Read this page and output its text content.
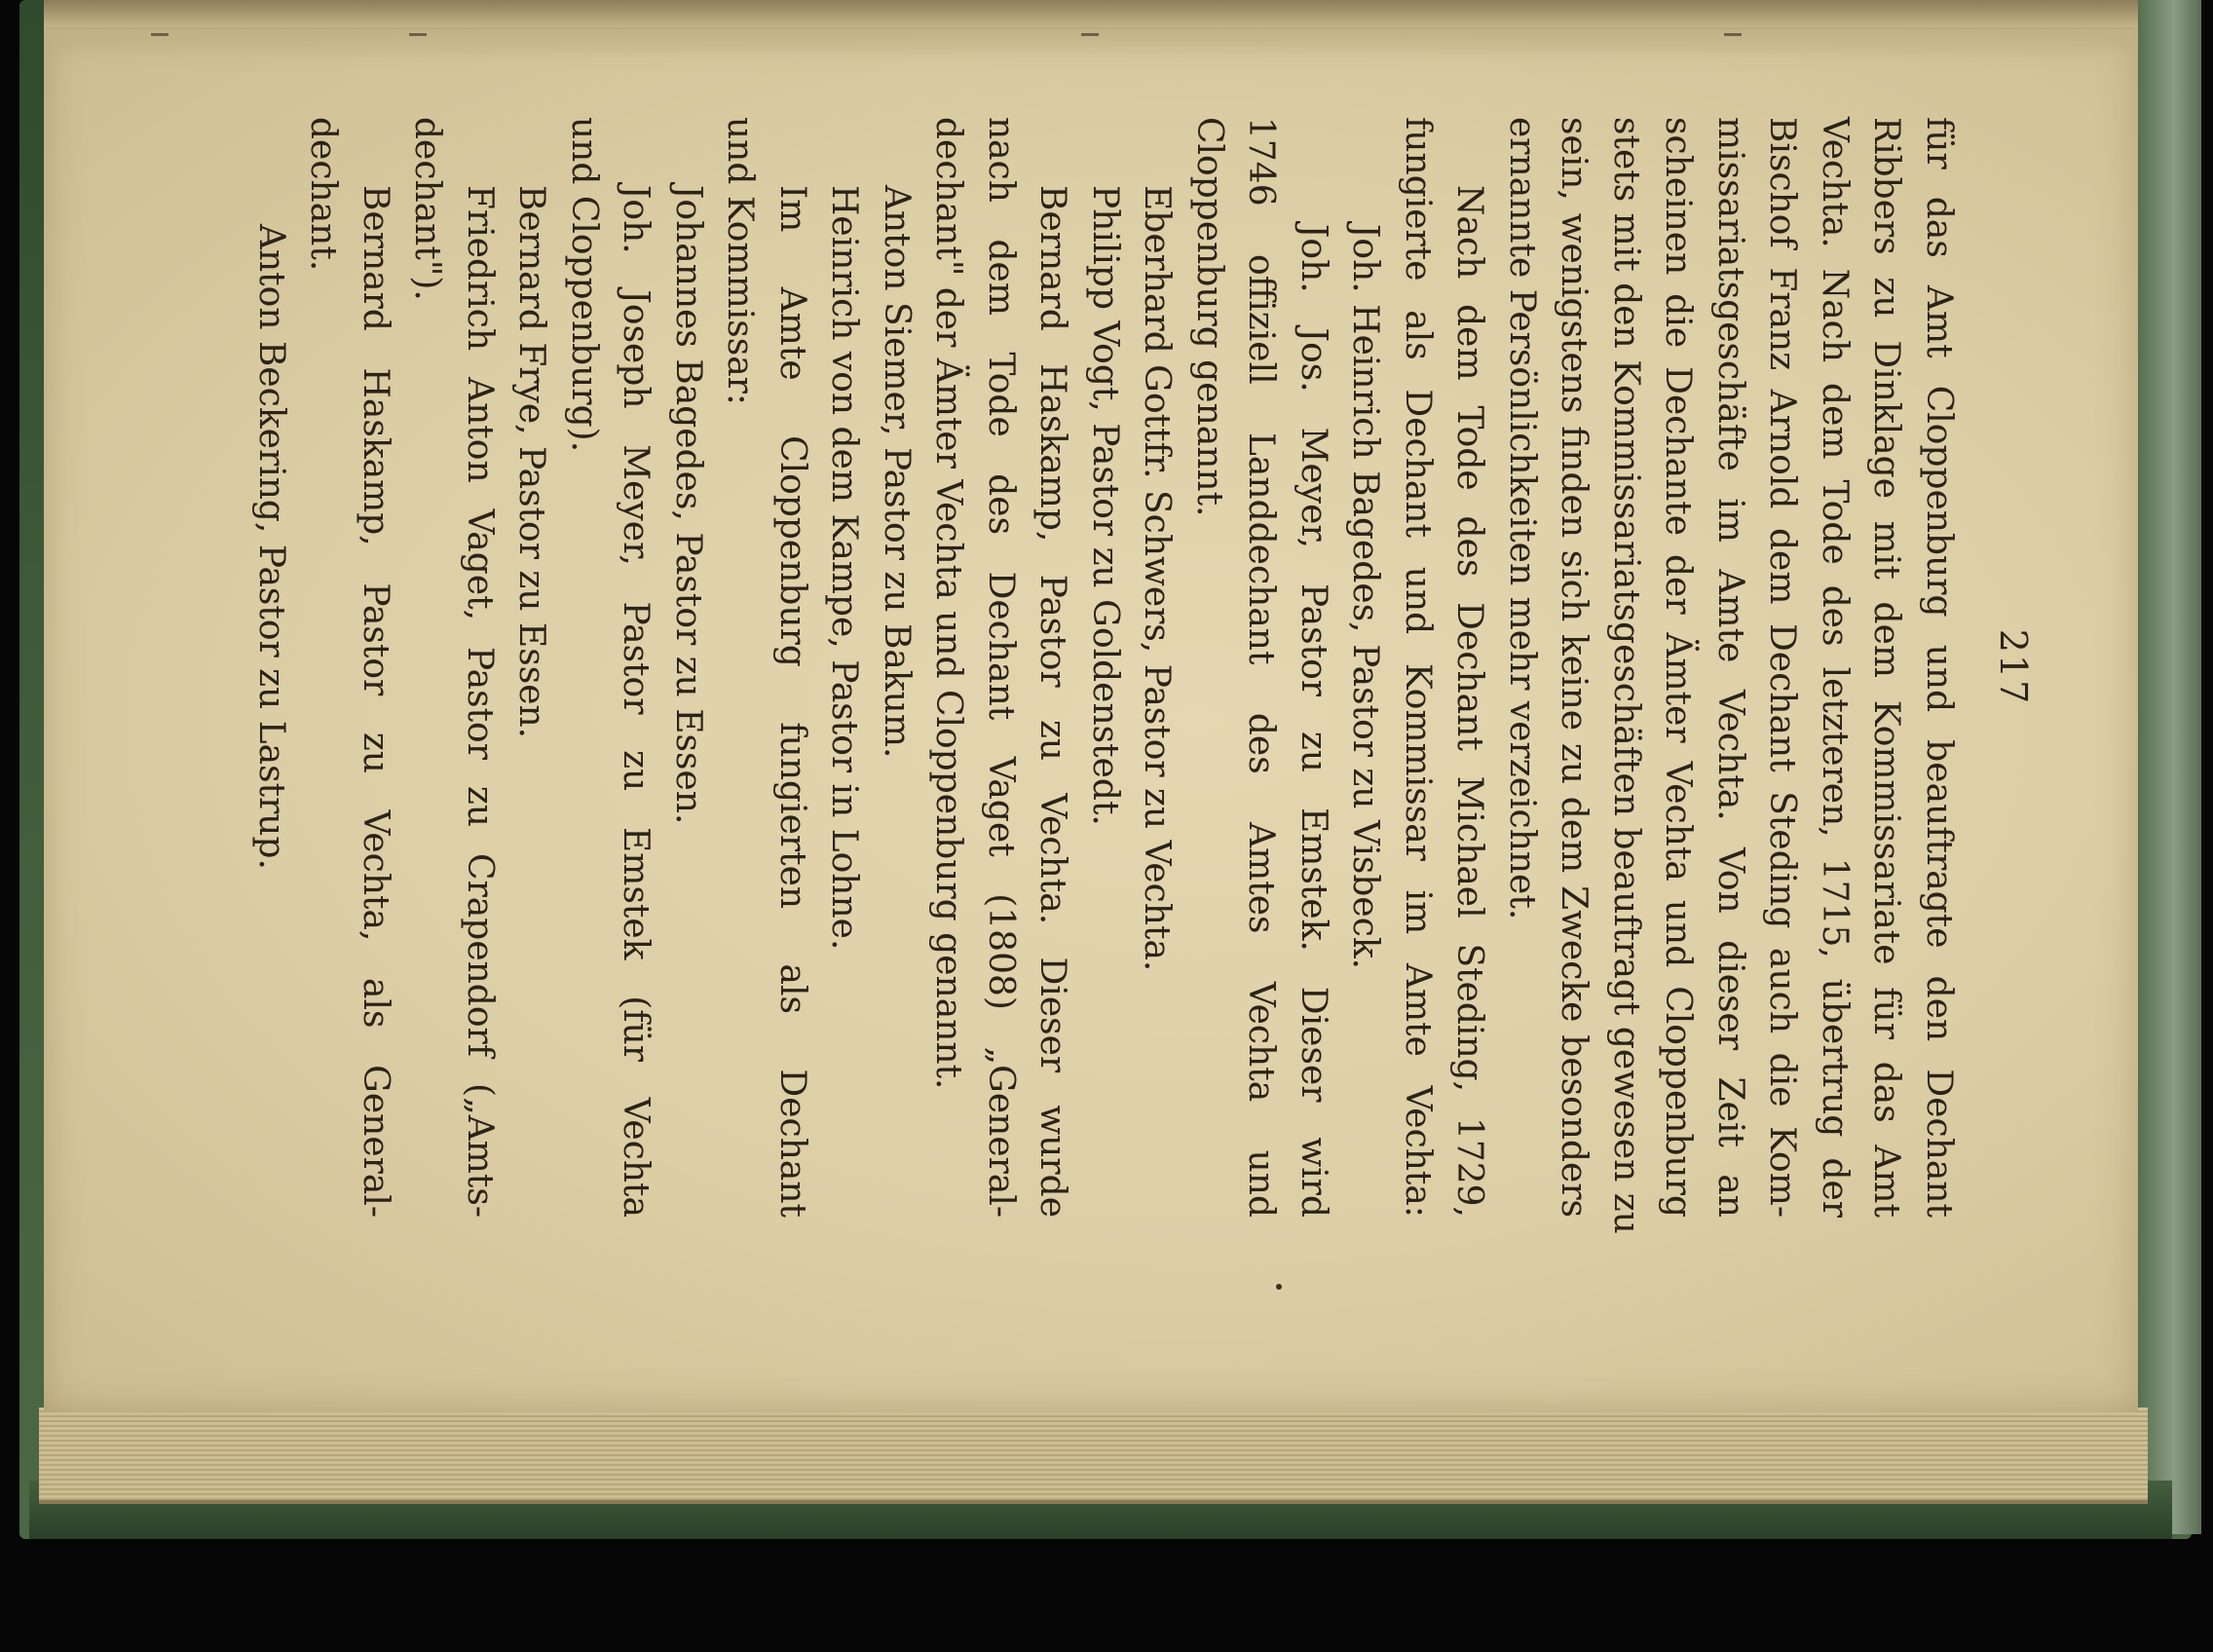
217
für das Amt Cloppenburg und beauftragte den Dechant
Ribbers zu Dinklage mit dem Kommissariate für das Amt
Vechta. Nach dem Tode des letzteren, 1715, übertrug der
Bischof Franz Arnold dem Dechant Steding auch die Kom-
missariatsgeschäfte im Amte Vechta. Von dieser Zeit an
scheinen die Dechante der Ämter Vechta und Cloppenburg
stets mit den Kommissariatsgeschäften beauftragt gewesen zu
sein, wenigstens finden sich keine zu dem Zwecke besonders
ernannte Persönlichkeiten mehr verzeichnet.
Nach dem Tode des Dechant Michael Steding, 1729,
fungierte als Dechant und Kommissar im Amte Vechta:
Joh. Heinrich Bagedes, Pastor zu Visbeck.
Joh. Jos. Meyer, Pastor zu Emstek. Dieser wird
1746 offiziell Landdechant des Amtes Vechta und
Cloppenburg genannt.
Eberhard Gottfr. Schwers, Pastor zu Vechta.
Philipp Vogt, Pastor zu Goldenstedt.
Bernard Haskamp, Pastor zu Vechta. Dieser wurde
nach dem Tode des Dechant Vaget (1808) „General-
dechant" der Ämter Vechta und Cloppenburg genannt.
Anton Siemer, Pastor zu Bakum.
Heinrich von dem Kampe, Pastor in Lohne.
Im Amte Cloppenburg fungierten als Dechant
und Kommissar:
Johannes Bagedes, Pastor zu Essen.
Joh. Joseph Meyer, Pastor zu Emstek (für Vechta
und Cloppenburg).
Bernard Frye, Pastor zu Essen.
Friedrich Anton Vaget, Pastor zu Crapendorf („Amts-
dechant").
Bernard Haskamp, Pastor zu Vechta, als General-
dechant.
Anton Beckering, Pastor zu Lastrup.
